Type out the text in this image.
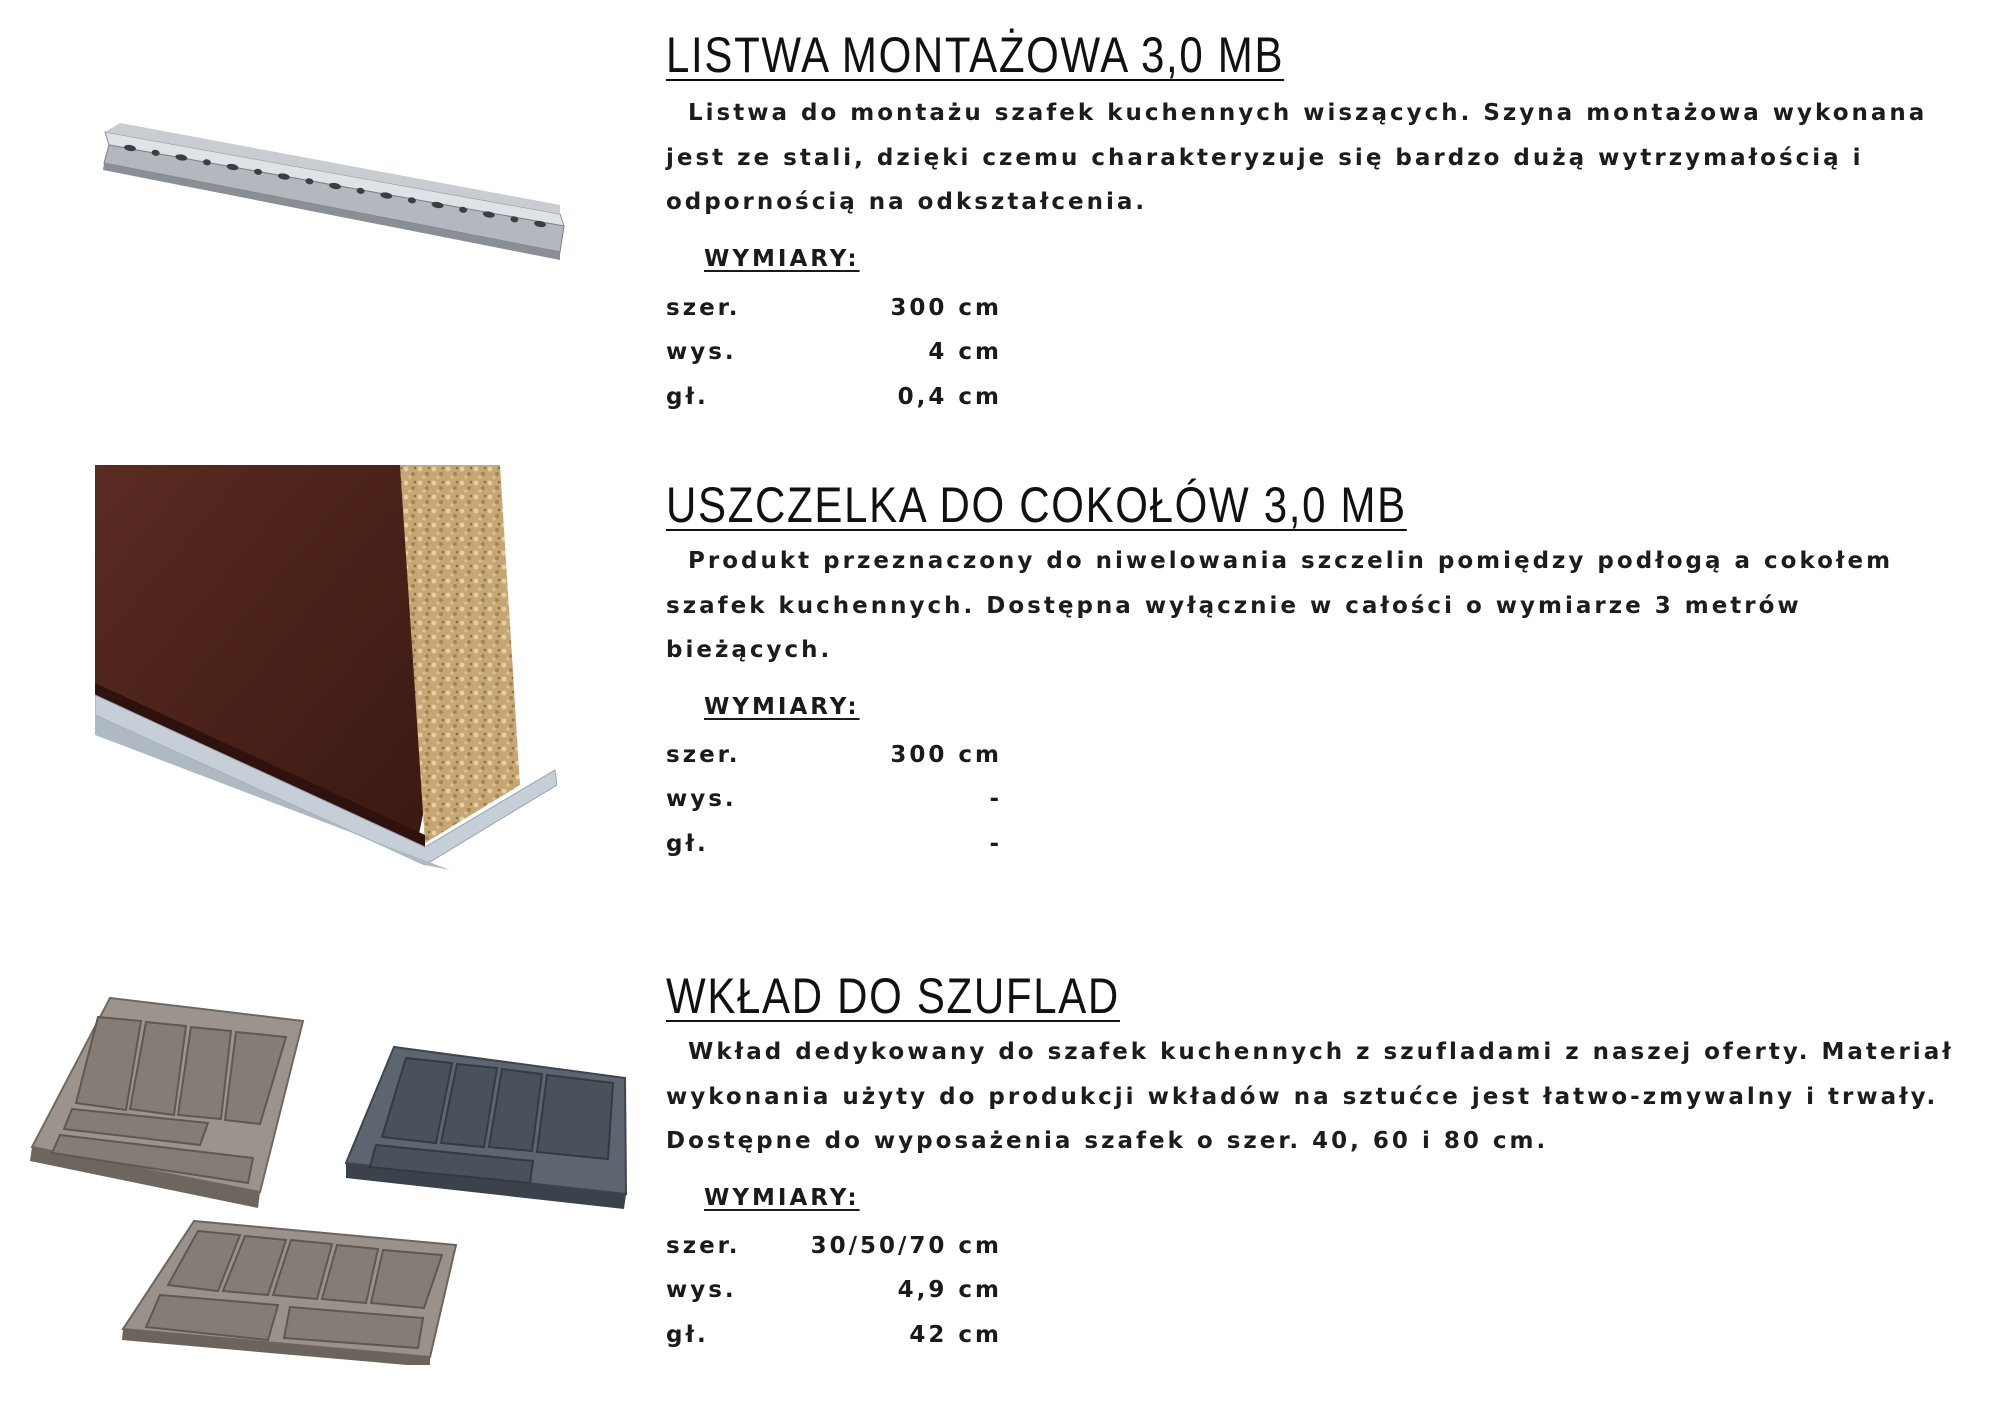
LISTWA MONTAŻOWA 3,0 MB

Listwa do montażu szafek kuchennych wiszących. Szyna montażowa wykonana jest ze stali, dzięki czemu charakteryzuje się bardzo dużą wytrzymałością i odpornością na odkształcenia.

WYMIARY:
szer.	300 cm
wys.	4 cm
gł.	0,4 cm
USZCZELKA DO COKOŁÓW 3,0 MB

Produkt przeznaczony do niwelowania szczelin pomiędzy podłogą a cokołem szafek kuchennych. Dostępna wyłącznie w całości o wymiarze 3 metrów bieżących.

WYMIARY:
szer.	300 cm
wys.	-
gł.	-
WKŁAD DO SZUFLAD

Wkład dedykowany do szafek kuchennych z szufladami z naszej oferty. Materiał wykonania użyty do produkcji wkładów na sztućce jest łatwo-zmywalny i trwały. Dostępne do wyposażenia szafek o szer. 40, 60 i 80 cm.

WYMIARY:
szer.	30/50/70 cm
wys.	4,9 cm
gł.	42 cm
